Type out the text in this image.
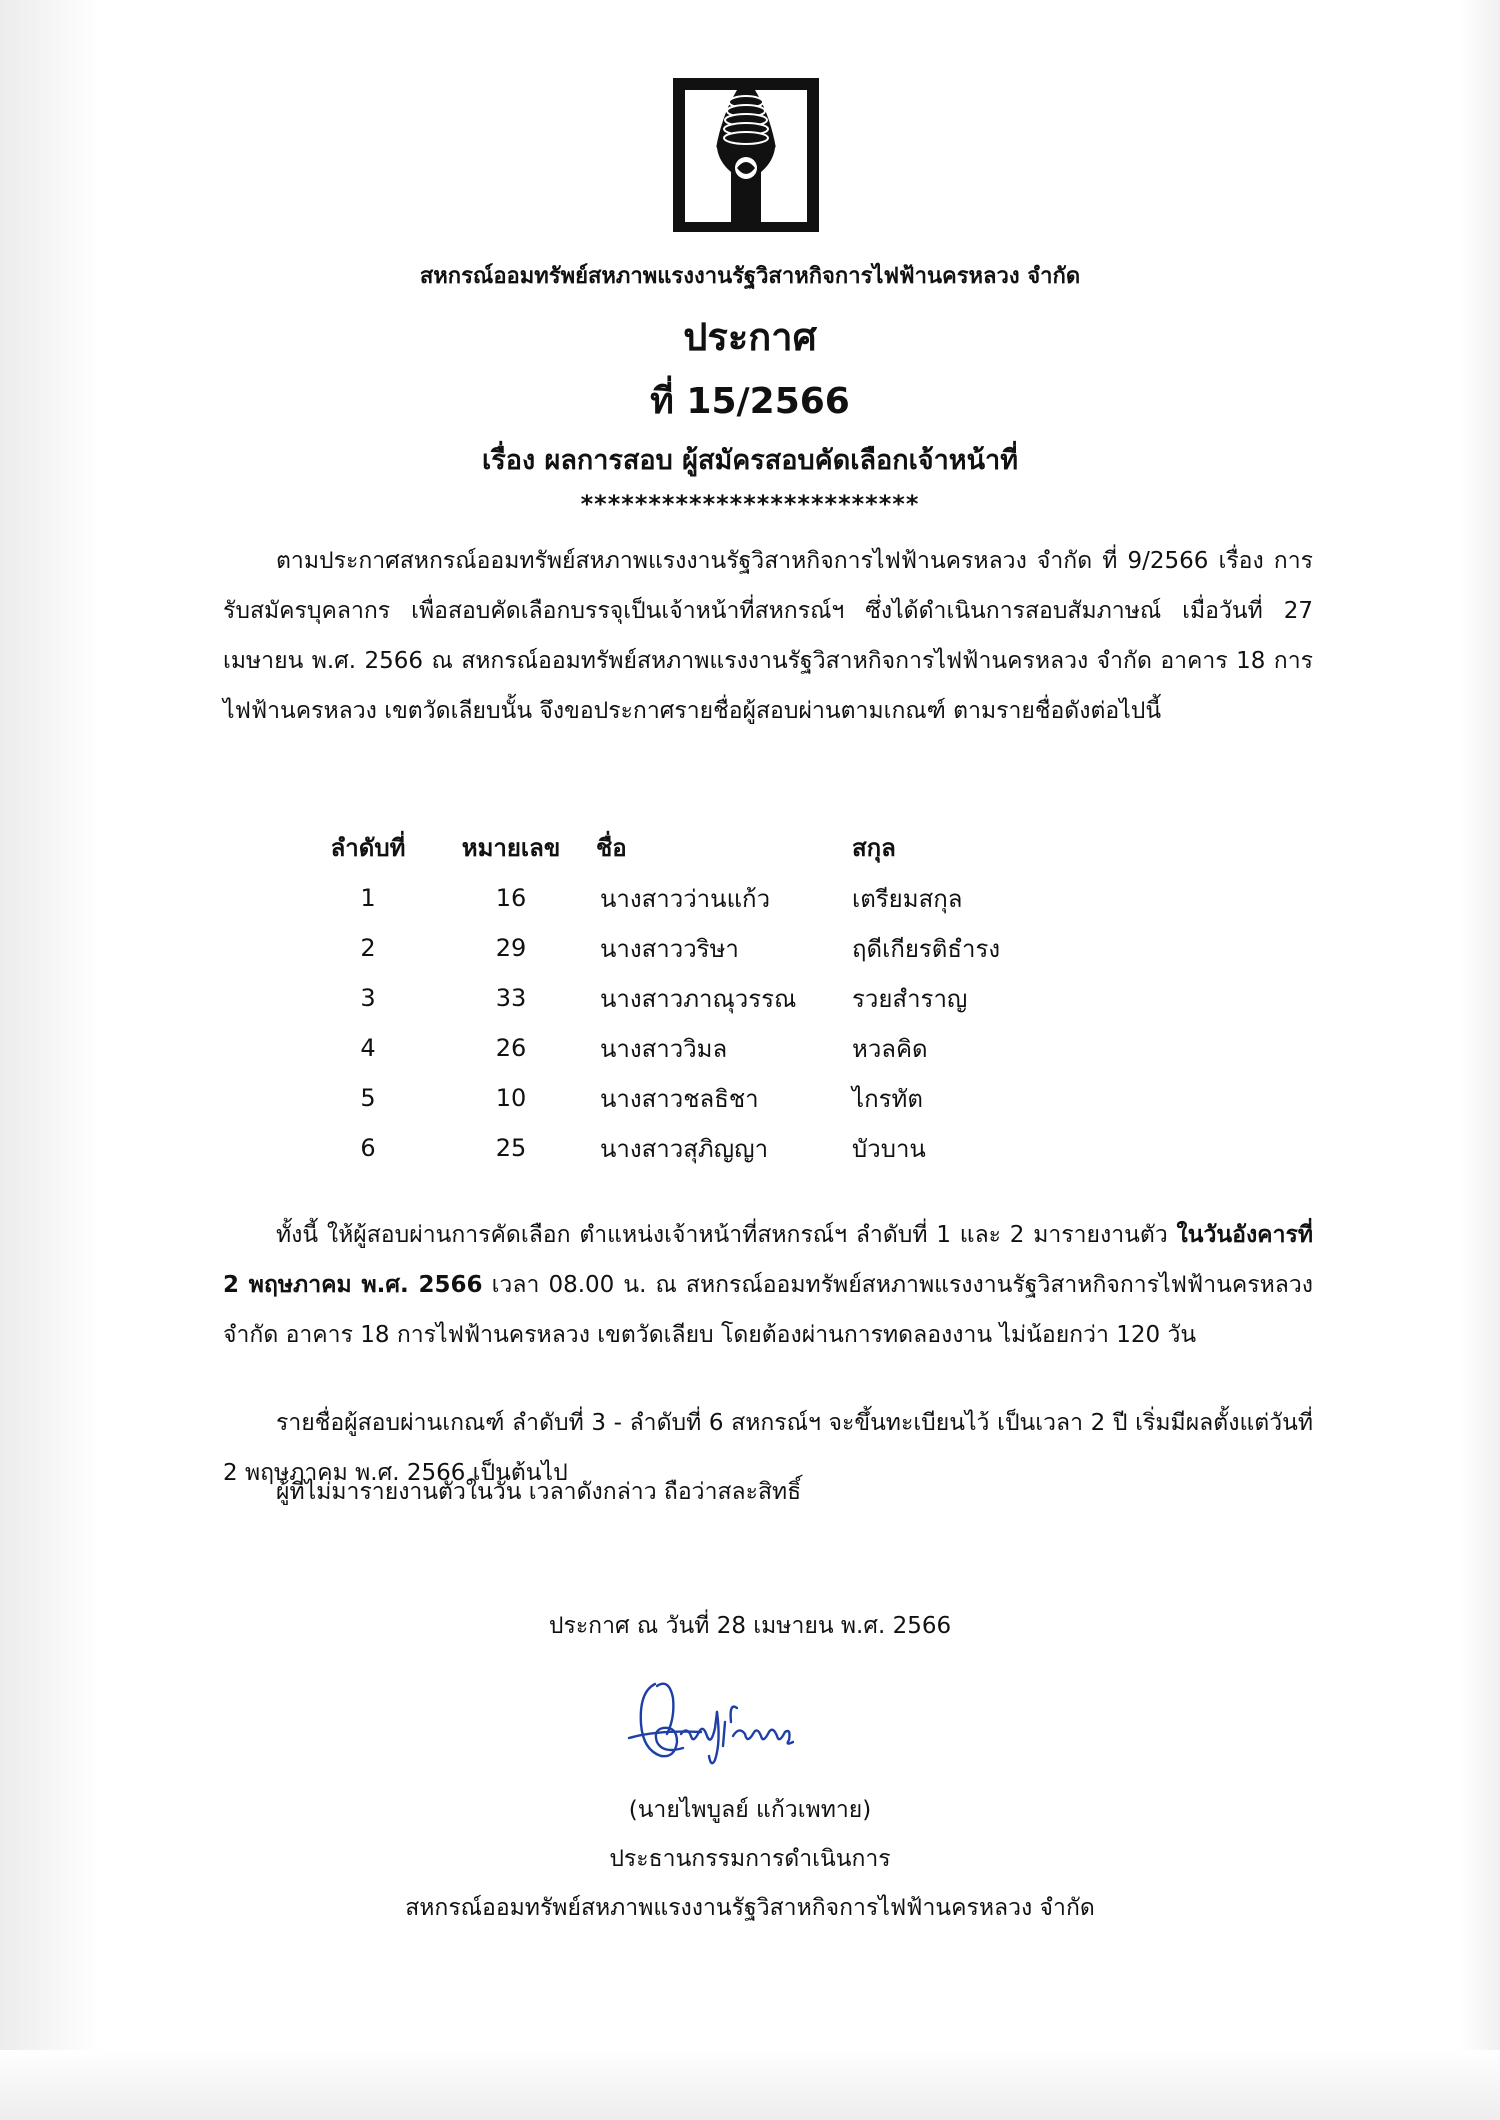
สหกรณ์ออมทรัพย์สหภาพแรงงานรัฐวิสาหกิจการไฟฟ้านครหลวง จำกัด
ประกาศ
ที่ 15/2566
เรื่อง ผลการสอบ ผู้สมัครสอบคัดเลือกเจ้าหน้าที่
*************************

ตามประกาศสหกรณ์ออมทรัพย์สหภาพแรงงานรัฐวิสาหกิจการไฟฟ้านครหลวง จำกัด ที่ 9/2566 เรื่อง การรับสมัครบุคลากร เพื่อสอบคัดเลือกบรรจุเป็นเจ้าหน้าที่สหกรณ์ฯ ซึ่งได้ดำเนินการสอบสัมภาษณ์ เมื่อวันที่ 27 เมษายน พ.ศ. 2566 ณ สหกรณ์ออมทรัพย์สหภาพแรงงานรัฐวิสาหกิจการไฟฟ้านครหลวง จำกัด อาคาร 18 การไฟฟ้านครหลวง เขตวัดเลียบนั้น จึงขอประกาศรายชื่อผู้สอบผ่านตามเกณฑ์ ตามรายชื่อดังต่อไปนี้

ลำดับที่	หมายเลข	ชื่อ	สกุล
1	16	นางสาวว่านแก้ว	เตรียมสกุล
2	29	นางสาววริษา	ฤดีเกียรติธำรง
3	33	นางสาวภาณุวรรณ	รวยสำราญ
4	26	นางสาววิมล	หวลคิด
5	10	นางสาวชลธิชา	ไกรทัต
6	25	นางสาวสุภิญญา	บัวบาน

ทั้งนี้ ให้ผู้สอบผ่านการคัดเลือก ตำแหน่งเจ้าหน้าที่สหกรณ์ฯ ลำดับที่ 1 และ 2 มารายงานตัว ในวันอังคารที่ 2 พฤษภาคม พ.ศ. 2566 เวลา 08.00 น. ณ สหกรณ์ออมทรัพย์สหภาพแรงงานรัฐวิสาหกิจการไฟฟ้านครหลวง จำกัด อาคาร 18 การไฟฟ้านครหลวง เขตวัดเลียบ โดยต้องผ่านการทดลองงาน ไม่น้อยกว่า 120 วัน

รายชื่อผู้สอบผ่านเกณฑ์ ลำดับที่ 3 - ลำดับที่ 6 สหกรณ์ฯ จะขึ้นทะเบียนไว้ เป็นเวลา 2 ปี เริ่มมีผลตั้งแต่วันที่ 2 พฤษภาคม พ.ศ. 2566 เป็นต้นไป

ผู้ที่ไม่มารายงานตัวในวัน เวลาดังกล่าว ถือว่าสละสิทธิ์

ประกาศ ณ วันที่ 28 เมษายน พ.ศ. 2566
(นายไพบูลย์ แก้วเพทาย)
ประธานกรรมการดำเนินการ
สหกรณ์ออมทรัพย์สหภาพแรงงานรัฐวิสาหกิจการไฟฟ้านครหลวง จำกัด
